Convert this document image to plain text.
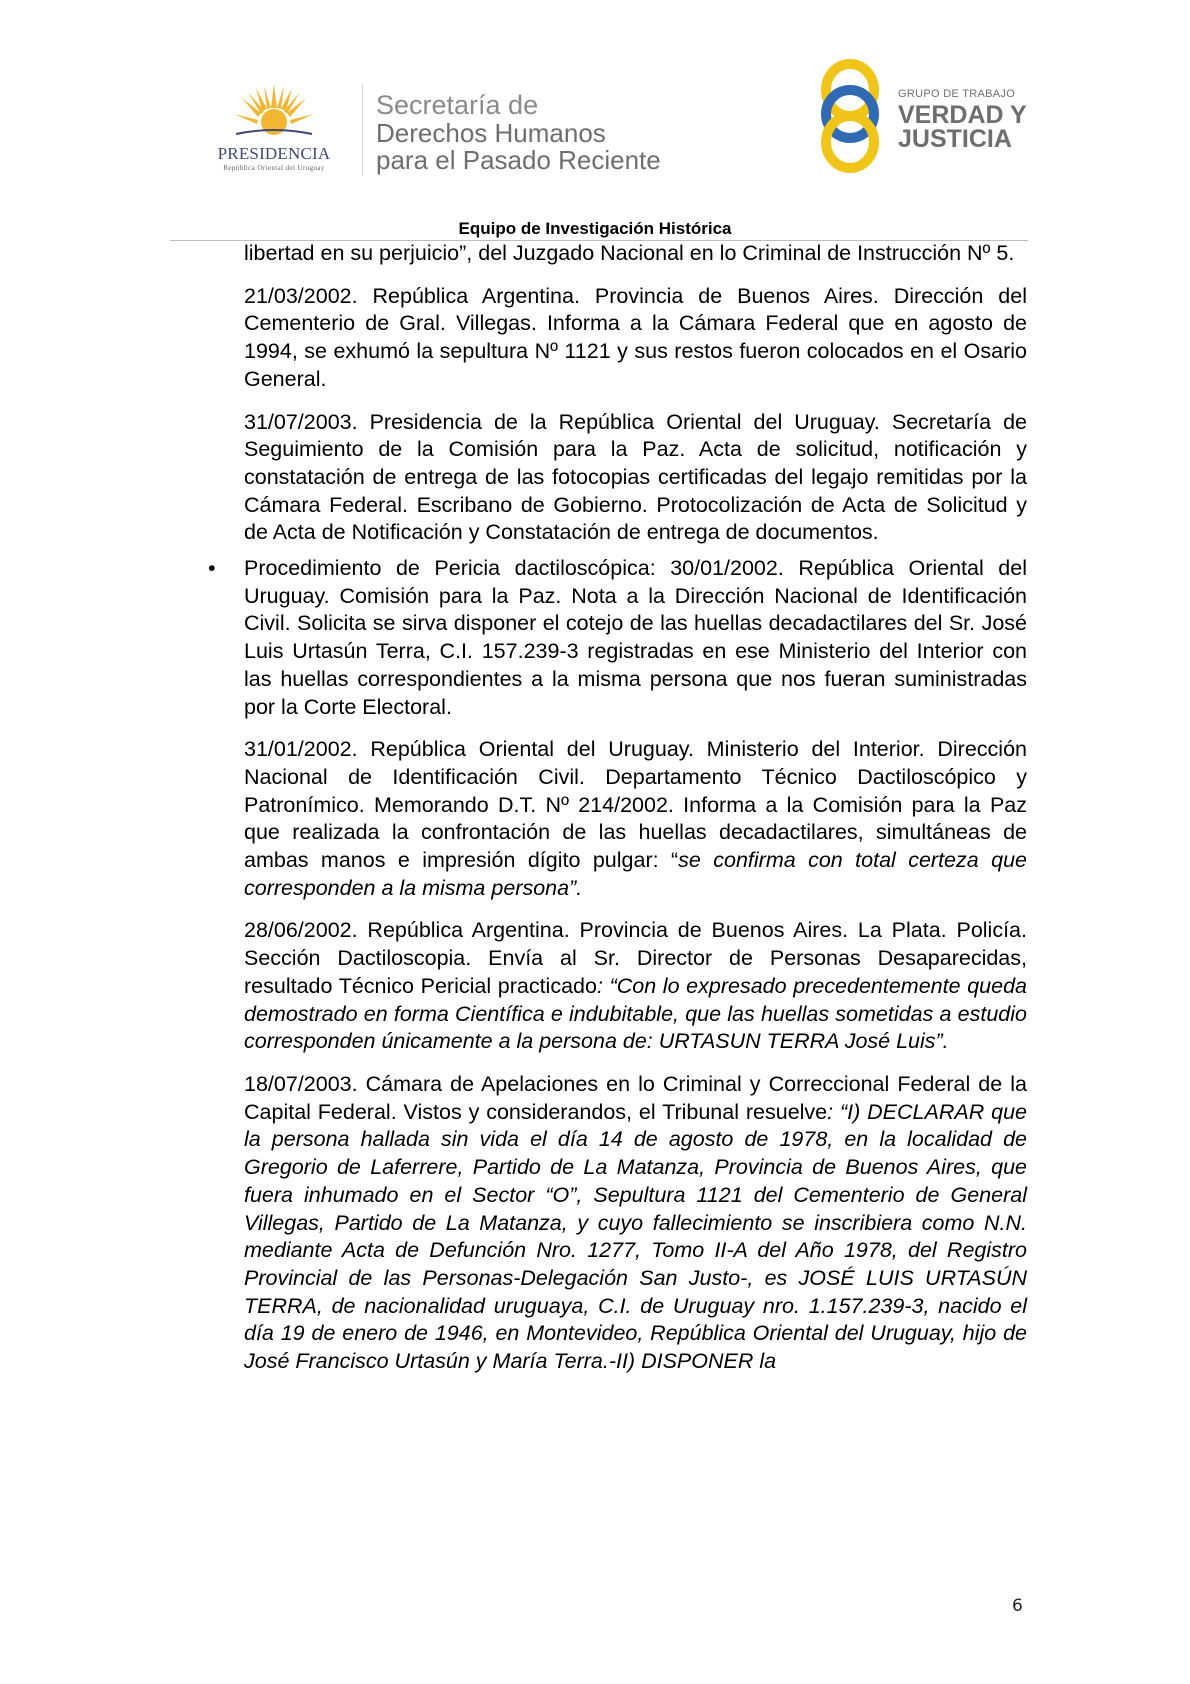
PRESIDENCIA
República Oriental del Uruguay
Secretaría de
Derechos Humanos
para el Pasado Reciente
GRUPO DE TRABAJO
VERDAD Y
JUSTICIA
Equipo de Investigación Histórica

libertad en su perjuicio”, del Juzgado Nacional en lo Criminal de Instrucción Nº 5.

21/03/2002. República Argentina. Provincia de Buenos Aires. Dirección del Cementerio de Gral. Villegas. Informa a la Cámara Federal que en agosto de 1994, se exhumó la sepultura Nº 1121 y sus restos fueron colocados en el Osario General.

31/07/2003. Presidencia de la República Oriental del Uruguay. Secretaría de Seguimiento de la Comisión para la Paz. Acta de solicitud, notificación y constatación de entrega de las fotocopias certificadas del legajo remitidas por la Cámara Federal. Escribano de Gobierno. Protocolización de Acta de Solicitud y de Acta de Notificación y Constatación de entrega de documentos.

• Procedimiento de Pericia dactiloscópica: 30/01/2002. República Oriental del Uruguay. Comisión para la Paz. Nota a la Dirección Nacional de Identificación Civil. Solicita se sirva disponer el cotejo de las huellas decadactilares del Sr. José Luis Urtasún Terra, C.I. 157.239-3 registradas en ese Ministerio del Interior con las huellas correspondientes a la misma persona que nos fueran suministradas por la Corte Electoral.

31/01/2002. República Oriental del Uruguay. Ministerio del Interior. Dirección Nacional de Identificación Civil. Departamento Técnico Dactiloscópico y Patronímico. Memorando D.T. Nº 214/2002. Informa a la Comisión para la Paz que realizada la confrontación de las huellas decadactilares, simultáneas de ambas manos e impresión dígito pulgar: “se confirma con total certeza que corresponden a la misma persona”.

28/06/2002. República Argentina. Provincia de Buenos Aires. La Plata. Policía. Sección Dactiloscopia. Envía al Sr. Director de Personas Desaparecidas, resultado Técnico Pericial practicado: “Con lo expresado precedentemente queda demostrado en forma Científica e indubitable, que las huellas sometidas a estudio corresponden únicamente a la persona de: URTASUN TERRA José Luis”.

18/07/2003. Cámara de Apelaciones en lo Criminal y Correccional Federal de la Capital Federal. Vistos y considerandos, el Tribunal resuelve: “I) DECLARAR que la persona hallada sin vida el día 14 de agosto de 1978, en la localidad de Gregorio de Laferrere, Partido de La Matanza, Provincia de Buenos Aires, que fuera inhumado en el Sector “O”, Sepultura 1121 del Cementerio de General Villegas, Partido de La Matanza, y cuyo fallecimiento se inscribiera como N.N. mediante Acta de Defunción Nro. 1277, Tomo II-A del Año 1978, del Registro Provincial de las Personas-Delegación San Justo-, es JOSÉ LUIS URTASÚN TERRA, de nacionalidad uruguaya, C.I. de Uruguay nro. 1.157.239-3, nacido el día 19 de enero de 1946, en Montevideo, República Oriental del Uruguay, hijo de José Francisco Urtasún y María Terra.-II) DISPONER la

6
